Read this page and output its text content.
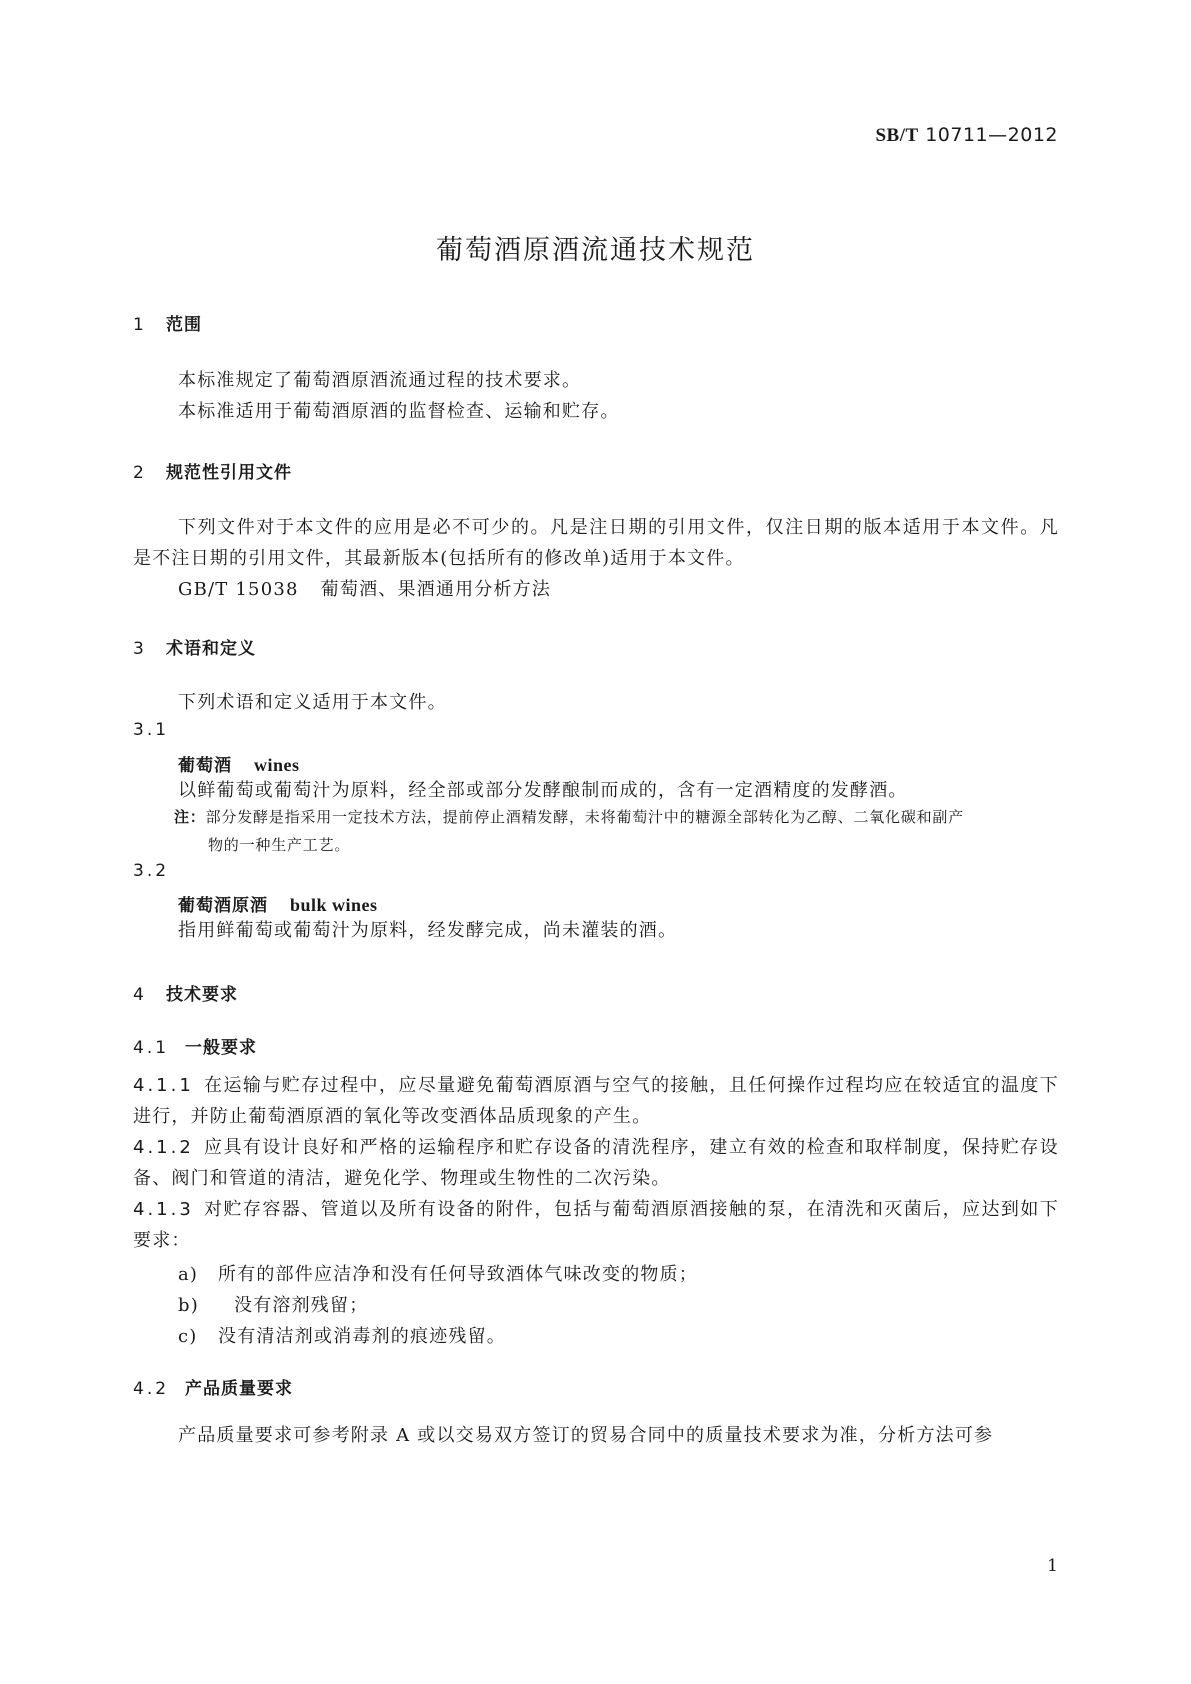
SB/T 10711—2012
葡萄酒原酒流通技术规范
1 范围
本标准规定了葡萄酒原酒流通过程的技术要求。
本标准适用于葡萄酒原酒的监督检查、运输和贮存。
2 规范性引用文件
下列文件对于本文件的应用是必不可少的。凡是注日期的引用文件，仅注日期的版本适用于本文件。凡是不注日期的引用文件，其最新版本(包括所有的修改单)适用于本文件。
GB/T 15038 葡萄酒、果酒通用分析方法
3 术语和定义
下列术语和定义适用于本文件。
3.1
葡萄酒 wines
以鲜葡萄或葡萄汁为原料，经全部或部分发酵酿制而成的，含有一定酒精度的发酵酒。
注：部分发酵是指采用一定技术方法，提前停止酒精发酵，未将葡萄汁中的糖源全部转化为乙醇、二氧化碳和副产
物的一种生产工艺。
3.2
葡萄酒原酒 bulk wines
指用鲜葡萄或葡萄汁为原料，经发酵完成，尚未灌装的酒。
4 技术要求
4.1 一般要求
4.1.1 在运输与贮存过程中，应尽量避免葡萄酒原酒与空气的接触，且任何操作过程均应在较适宜的温度下进行，并防止葡萄酒原酒的氧化等改变酒体品质现象的产生。
4.1.2 应具有设计良好和严格的运输程序和贮存设备的清洗程序，建立有效的检查和取样制度，保持贮存设备、阀门和管道的清洁，避免化学、物理或生物性的二次污染。
4.1.3 对贮存容器、管道以及所有设备的附件，包括与葡萄酒原酒接触的泵，在清洗和灭菌后，应达到如下要求：
a) 所有的部件应洁净和没有任何导致酒体气味改变的物质；
b) 没有溶剂残留；
c) 没有清洁剂或消毒剂的痕迹残留。
4.2 产品质量要求
产品质量要求可参考附录 A 或以交易双方签订的贸易合同中的质量技术要求为准，分析方法可参
1
